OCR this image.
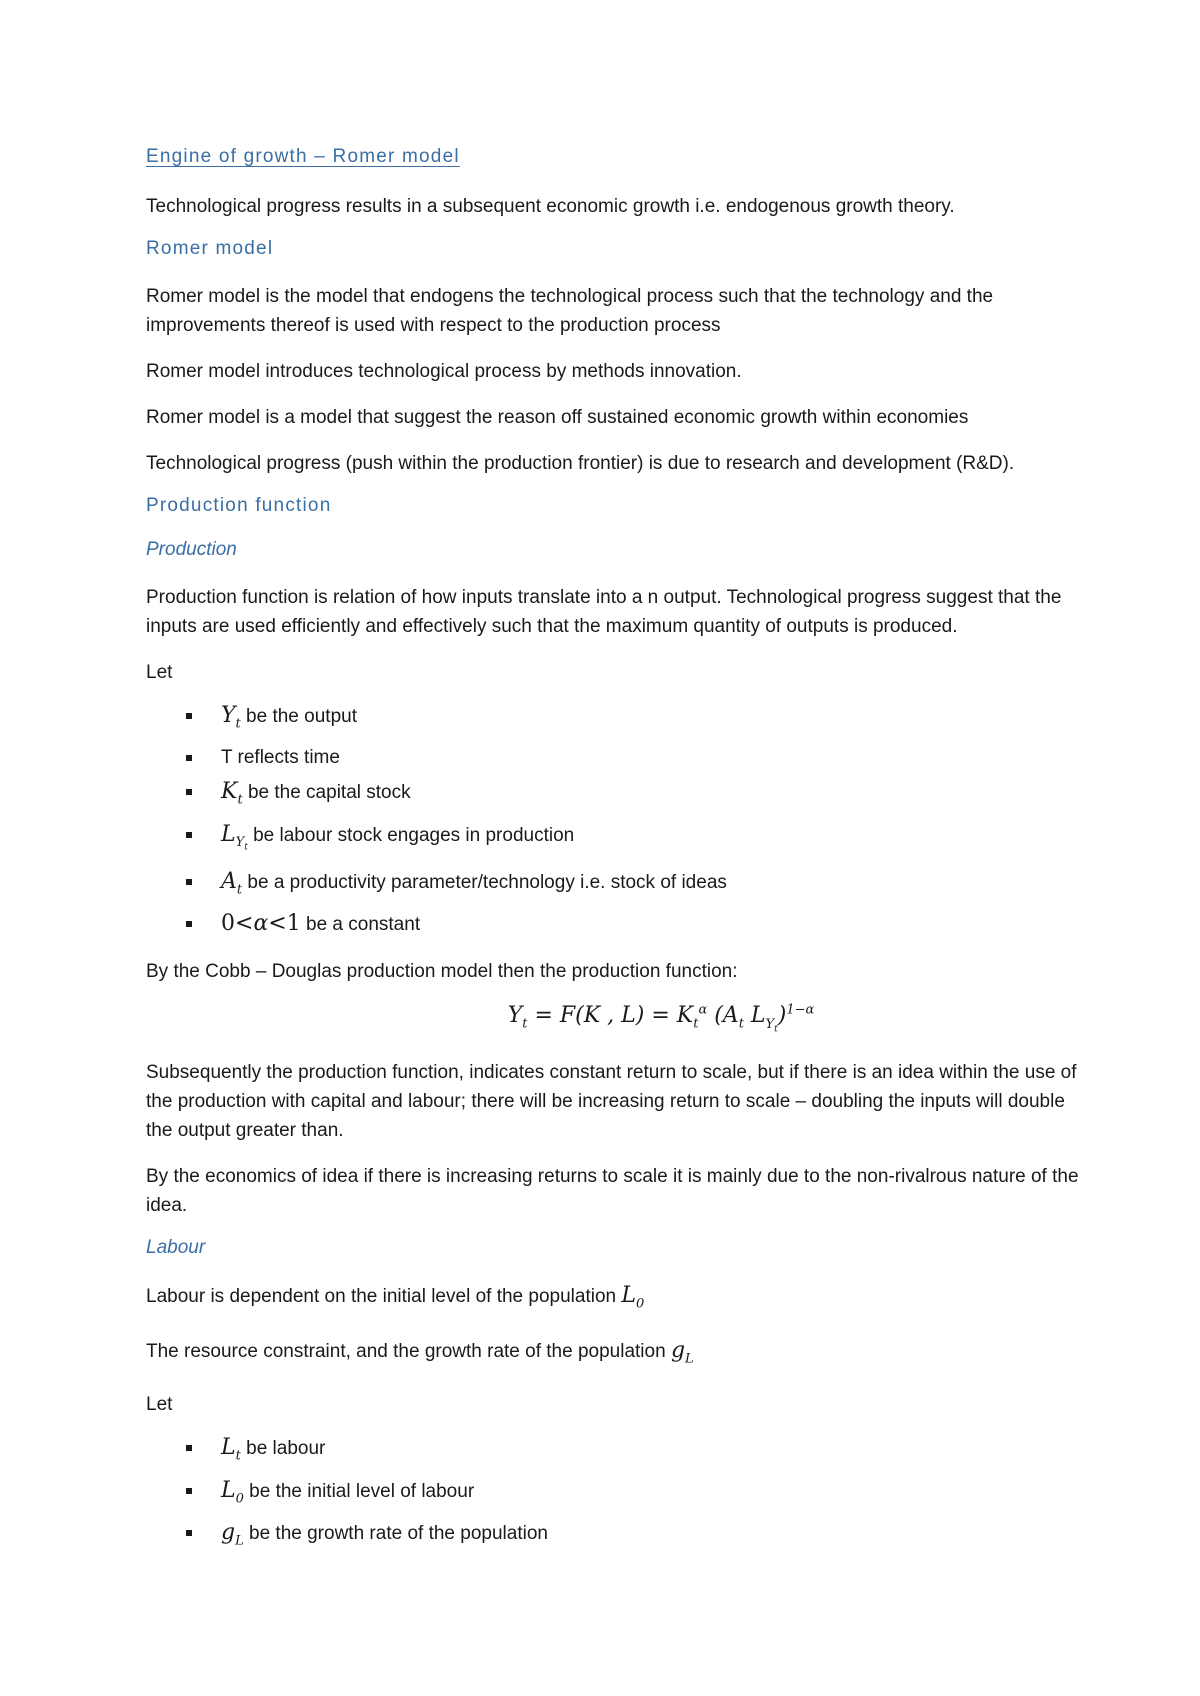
Engine of growth – Romer model

Technological progress results in a subsequent economic growth i.e. endogenous growth theory.

Romer model

Romer model is the model that endogens the technological process such that the technology and the improvements thereof is used with respect to the production process

Romer model introduces technological process by methods innovation.

Romer model is a model that suggest the reason off sustained economic growth within economies

Technological progress (push within the production frontier) is due to research and development (R&D).

Production function
Production

Production function is relation of how inputs translate into a n output. Technological progress suggest that the inputs are used efficiently and effectively such that the maximum quantity of outputs is produced.

Let

$Y_t$ be the output
T reflects time
$K_t$ be the capital stock
$L_{Y_t}$ be labour stock engages in production
$A_t$ be a productivity parameter/technology i.e. stock of ideas
0<α<1 be a constant

By the Cobb – Douglas production model then the production function:

$Y_t = F(K$ , $L) = K_t^\alpha$ ($A_t$ $L_{Y_t})^{1-\alpha}$

Subsequently the production function, indicates constant return to scale, but if there is an idea within the use of the production with capital and labour; there will be increasing return to scale – doubling the inputs will double the output greater than.

By the economics of idea if there is increasing returns to scale it is mainly due to the non-rivalrous nature of the idea.

Labour

Labour is dependent on the initial level of the population $L_0$

The resource constraint, and the growth rate of the population $g_L$

Let

$L_t$ be labour
$L_0$ be the initial level of labour
$g_L$ be the growth rate of the population
